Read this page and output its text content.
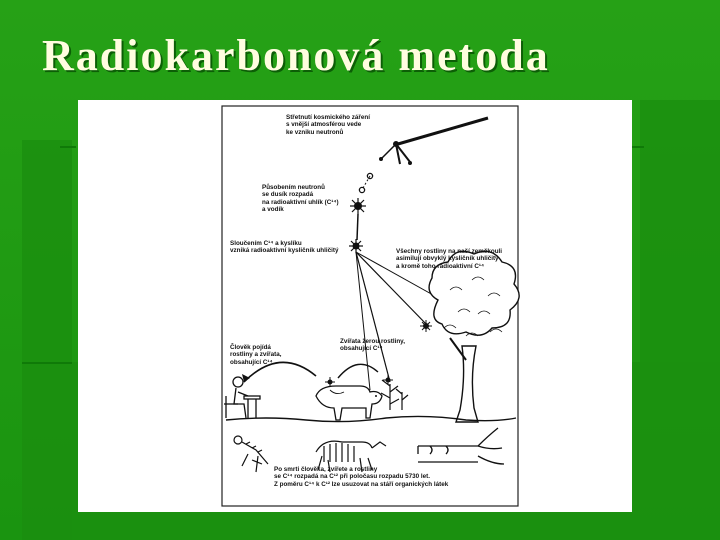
Radiokarbonová metoda
Střetnutí kosmického záření
s vnější atmosférou vede
ke vzniku neutronů
Působením neutronů
se dusík rozpadá
na radioaktivní uhlík (C¹⁴)
a vodík
Sloučením C¹⁴ a kyslíku
vzniká radioaktivní kysličník uhličitý	Všechny rostliny na naší zeměkouli
asimilují obvyklý kysličník uhličitý
a kromě toho radioaktivní C¹⁴
Zvířata žerou rostliny,
obsahující C¹⁴
Člověk pojídá
rostliny a zvířata,
obsahující C¹⁴
Po smrti člověka, zvířete a rostliny
se C¹⁴ rozpadá na C¹² při poločasu rozpadu 5730 let.
Z poměru C¹⁴ k C¹² lze usuzovat na stáří organických látek
